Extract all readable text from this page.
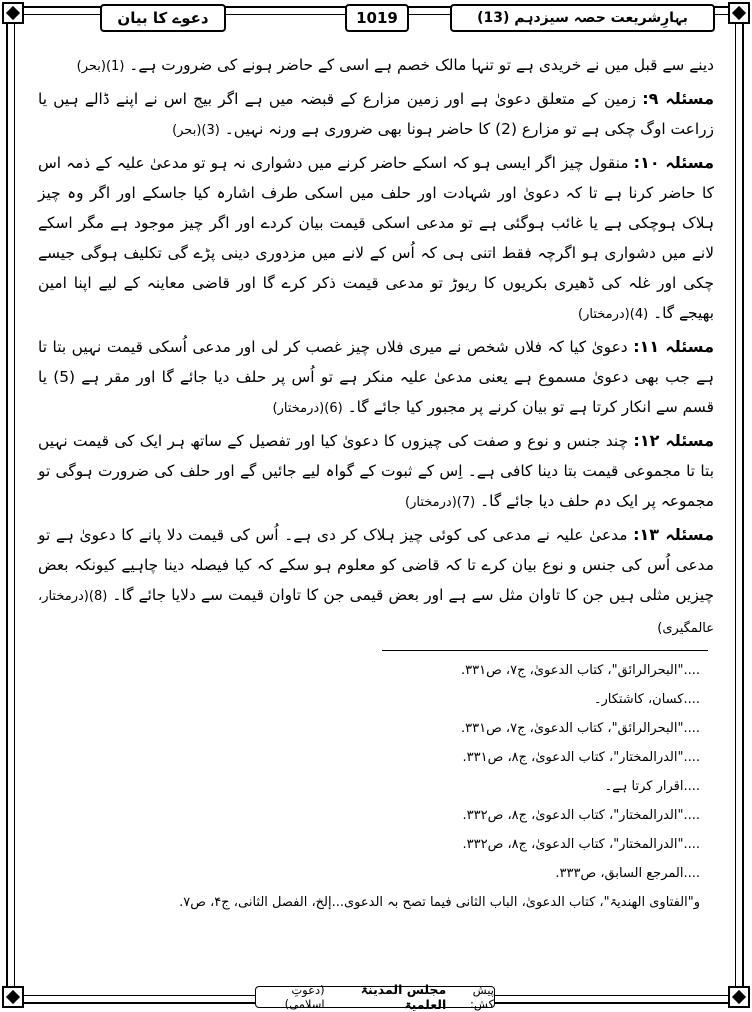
دعوے کا بیان	1019	بہارِشریعت حصہ سیزدہم (13)

دینے سے قبل میں نے خریدی ہے تو تنہا مالک خصم ہے اسی کے حاضر ہونے کی ضرورت ہے۔ (1)(بحر)

مسئلہ ۹: زمین کے متعلق دعویٰ ہے اور زمین مزارع کے قبضہ میں ہے اگر بیج اس نے اپنے ڈالے ہیں یا زراعت اوگ چکی ہے تو مزارع (2) کا حاضر ہونا بھی ضروری ہے ورنہ نہیں۔ (3)(بحر)

مسئلہ ۱۰: منقول چیز اگر ایسی ہو کہ اسکے حاضر کرنے میں دشواری نہ ہو تو مدعیٰ علیہ کے ذمہ اس کا حاضر کرنا ہے تا کہ دعویٰ اور شہادت اور حلف میں اسکی طرف اشارہ کیا جاسکے اور اگر وہ چیز ہلاک ہوچکی ہے یا غائب ہوگئی ہے تو مدعی اسکی قیمت بیان کردے اور اگر چیز موجود ہے مگر اسکے لانے میں دشواری ہو اگرچہ فقط اتنی ہی کہ اُس کے لانے میں مزدوری دینی پڑے گی تکلیف ہوگی جیسے چکی اور غلہ کی ڈھیری بکریوں کا ریوڑ تو مدعی قیمت ذکر کرے گا اور قاضی معاینہ کے لیے اپنا امین بھیجے گا۔ (4)(درمختار)

مسئلہ ۱۱: دعویٰ کیا کہ فلاں شخص نے میری فلاں چیز غصب کر لی اور مدعی اُسکی قیمت نہیں بتا تا ہے جب بھی دعویٰ مسموع ہے یعنی مدعیٰ علیہ منکر ہے تو اُس پر حلف دیا جائے گا اور مقر ہے (5) یا قسم سے انکار کرتا ہے تو بیان کرنے پر مجبور کیا جائے گا۔ (6)(درمختار)

مسئلہ ۱۲: چند جنس و نوع و صفت کی چیزوں کا دعویٰ کیا اور تفصیل کے ساتھ ہر ایک کی قیمت نہیں بتا تا مجموعی قیمت بتا دینا کافی ہے۔ اِس کے ثبوت کے گواہ لیے جائیں گے اور حلف کی ضرورت ہوگی تو مجموعہ پر ایک دم حلف دیا جائے گا۔ (7)(درمختار)

مسئلہ ۱۳: مدعیٰ علیہ نے مدعی کی کوئی چیز ہلاک کر دی ہے۔ اُس کی قیمت دلا پانے کا دعویٰ ہے تو مدعی اُس کی جنس و نوع بیان کرے تا کہ قاضی کو معلوم ہو سکے کہ کیا فیصلہ دینا چاہیے کیونکہ بعض چیزیں مثلی ہیں جن کا تاوان مثل سے ہے اور بعض قیمی جن کا تاوان قیمت سے دلایا جائے گا۔ (8)(درمختار، عالمگیری)

...."البحرالرائق"، کتاب الدعویٰ، ج۷، ص۳۳۱.
....کسان، کاشتکار۔
...."البحرالرائق"، کتاب الدعویٰ، ج۷، ص۳۳۱.
...."الدرالمختار"، کتاب الدعویٰ، ج۸، ص۳۳۱.
....اقرار کرتا ہے۔
...."الدرالمختار"، کتاب الدعویٰ، ج۸، ص۳۳۲.
...."الدرالمختار"، کتاب الدعویٰ، ج۸، ص۳۳۲.
....المرجع السابق، ص۳۳۳.
و"الفتاوی الھندیۃ"، کتاب الدعویٰ، الباب الثانی فیما تصح بہ الدعوی...إلخ، الفصل الثانی، ج۴، ص۷.
پیش کش:
مجلس المدینۃ العلمیۃ
(دعوتِ اسلامی)
